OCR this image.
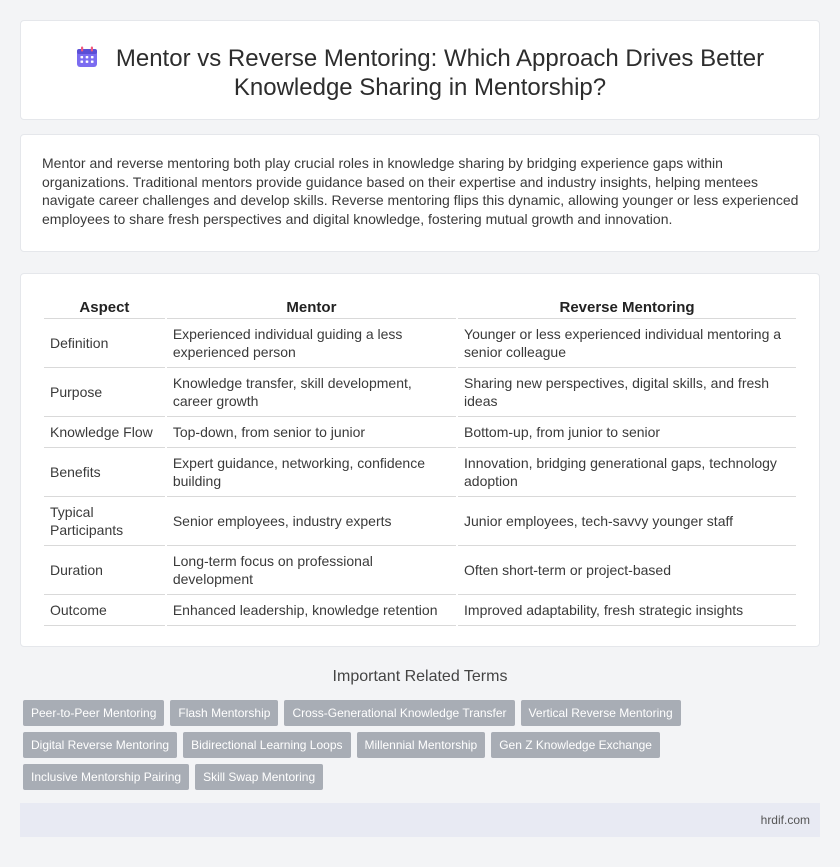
Mentor vs Reverse Mentoring: Which Approach Drives Better
Knowledge Sharing in Mentorship?

Mentor and reverse mentoring both play crucial roles in knowledge sharing by bridging experience gaps within organizations. Traditional mentors provide guidance based on their expertise and industry insights, helping mentees navigate career challenges and develop skills. Reverse mentoring flips this dynamic, allowing younger or less experienced employees to share fresh perspectives and digital knowledge, fostering mutual growth and innovation.

Aspect	Mentor	Reverse Mentoring
Definition	Experienced individual guiding a less experienced person	Younger or less experienced individual mentoring a senior colleague
Purpose	Knowledge transfer, skill development, career growth	Sharing new perspectives, digital skills, and fresh ideas
Knowledge Flow	Top-down, from senior to junior	Bottom-up, from junior to senior
Benefits	Expert guidance, networking, confidence building	Innovation, bridging generational gaps, technology adoption
Typical Participants	Senior employees, industry experts	Junior employees, tech-savvy younger staff
Duration	Long-term focus on professional development	Often short-term or project-based
Outcome	Enhanced leadership, knowledge retention	Improved adaptability, fresh strategic insights
Important Related Terms
Peer-to-Peer Mentoring Flash Mentorship Cross-Generational Knowledge Transfer Vertical Reverse Mentoring
Digital Reverse Mentoring Bidirectional Learning Loops Millennial Mentorship Gen Z Knowledge Exchange
Inclusive Mentorship Pairing Skill Swap Mentoring
hrdif.com
